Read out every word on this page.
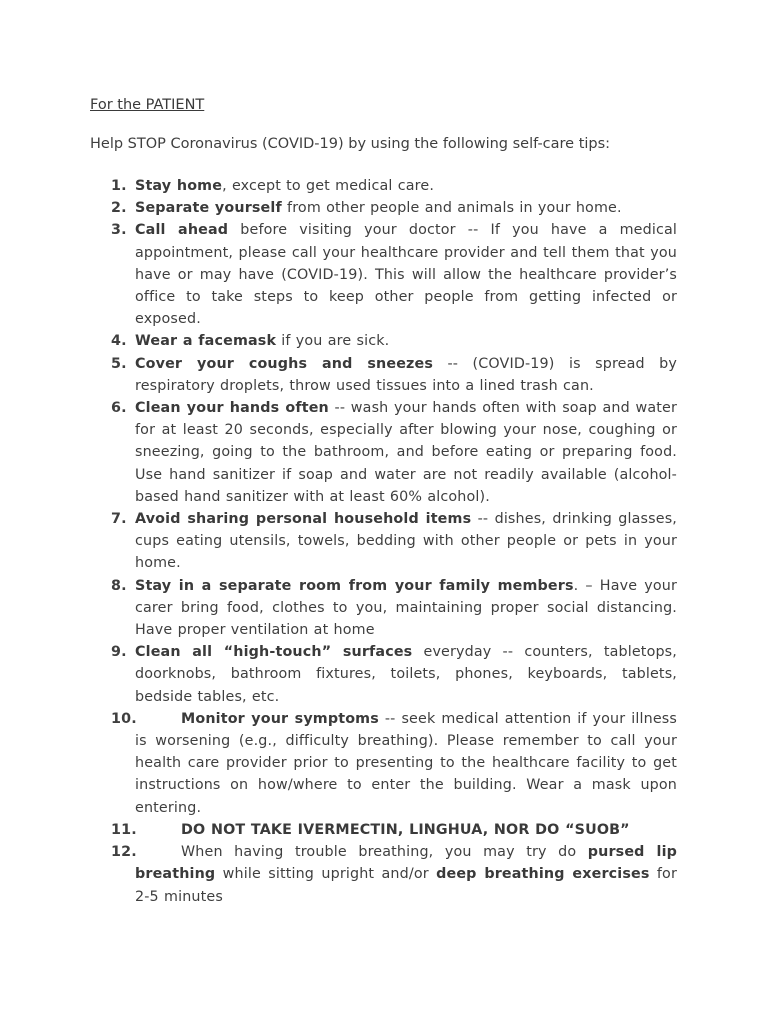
For the PATIENT
Help STOP Coronavirus (COVID-19) by using the following self-care tips:
1. Stay home, except to get medical care.
2. Separate yourself from other people and animals in your home.
3. Call ahead before visiting your doctor -- If you have a medical appointment, please call your healthcare provider and tell them that you have or may have (COVID-19). This will allow the healthcare provider’s office to take steps to keep other people from getting infected or exposed.
4. Wear a facemask if you are sick.
5. Cover your coughs and sneezes -- (COVID-19) is spread by respiratory droplets, throw used tissues into a lined trash can.
6. Clean your hands often -- wash your hands often with soap and water for at least 20 seconds, especially after blowing your nose, coughing or sneezing, going to the bathroom, and before eating or preparing food. Use hand sanitizer if soap and water are not readily available (alcohol-based hand sanitizer with at least 60% alcohol).
7. Avoid sharing personal household items -- dishes, drinking glasses, cups eating utensils, towels, bedding with other people or pets in your home.
8. Stay in a separate room from your family members. – Have your carer bring food, clothes to you, maintaining proper social distancing. Have proper ventilation at home
9. Clean all “high-touch” surfaces everyday -- counters, tabletops, doorknobs, bathroom fixtures, toilets, phones, keyboards, tablets, bedside tables, etc.
10.	Monitor your symptoms -- seek medical attention if your illness is worsening (e.g., difficulty breathing). Please remember to call your health care provider prior to presenting to the healthcare facility to get instructions on how/where to enter the building. Wear a mask upon entering.
11.	DO NOT TAKE IVERMECTIN, LINGHUA, NOR DO “SUOB”
12.	When having trouble breathing, you may try do pursed lip breathing while sitting upright and/or deep breathing exercises for 2-5 minutes
